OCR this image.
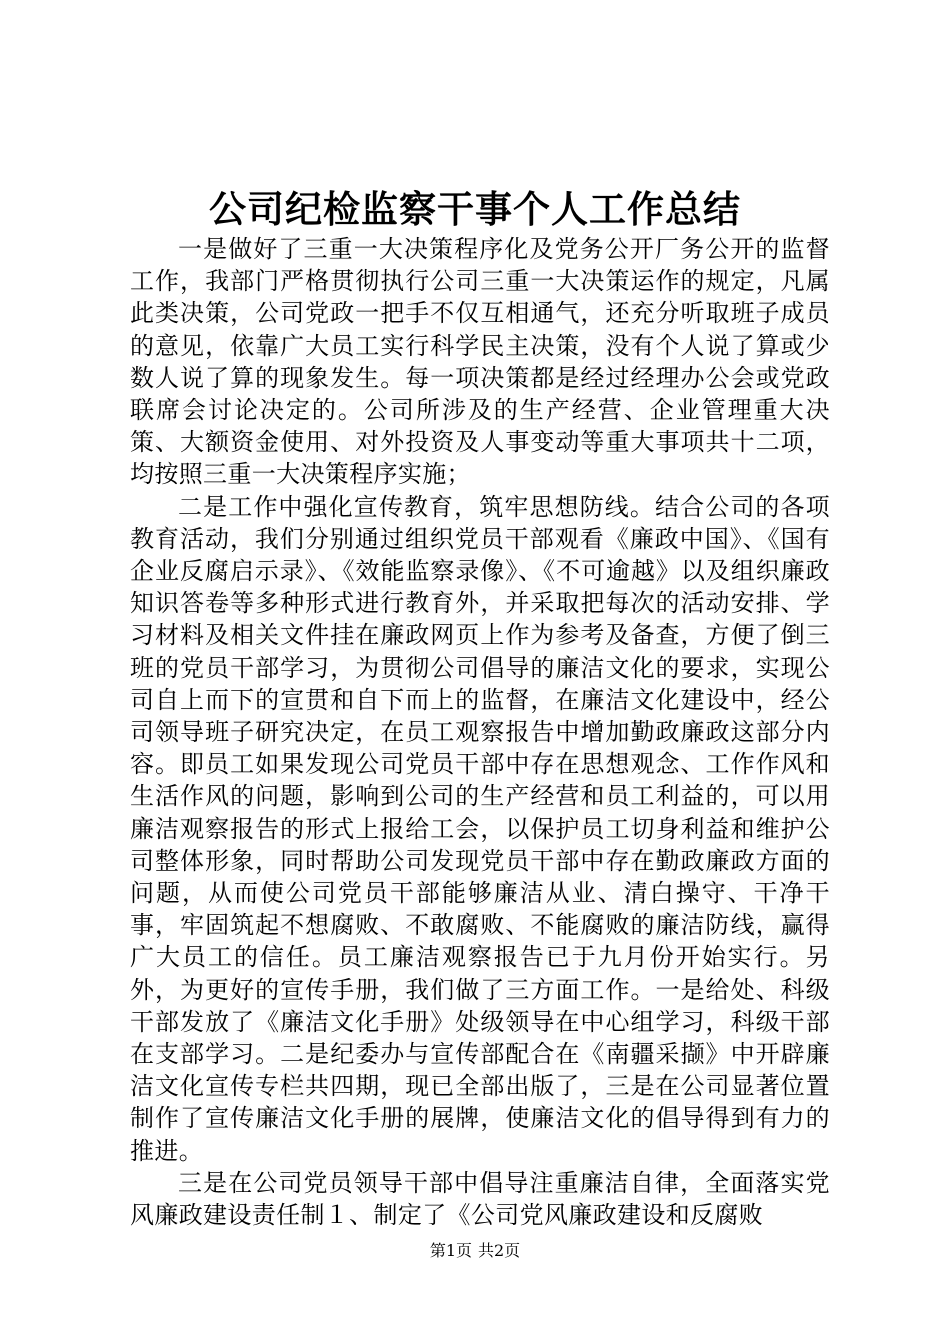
公司纪检监察干事个人工作总结

一是做好了三重一大决策程序化及党务公开厂务公开的监督工作，我部门严格贯彻执行公司三重一大决策运作的规定，凡属此类决策，公司党政一把手不仅互相通气，还充分听取班子成员的意见，依靠广大员工实行科学民主决策，没有个人说了算或少数人说了算的现象发生。每一项决策都是经过经理办公会或党政联席会讨论决定的。公司所涉及的生产经营、企业管理重大决策、大额资金使用、对外投资及人事变动等重大事项共十二项，均按照三重一大决策程序实施；

二是工作中强化宣传教育，筑牢思想防线。结合公司的各项教育活动，我们分别通过组织党员干部观看《廉政中国》、《国有企业反腐启示录》、《效能监察录像》、《不可逾越》以及组织廉政知识答卷等多种形式进行教育外，并采取把每次的活动安排、学习材料及相关文件挂在廉政网页上作为参考及备查，方便了倒三班的党员干部学习，为贯彻公司倡导的廉洁文化的要求，实现公司自上而下的宣贯和自下而上的监督，在廉洁文化建设中，经公司领导班子研究决定，在员工观察报告中增加勤政廉政这部分内容。即员工如果发现公司党员干部中存在思想观念、工作作风和生活作风的问题，影响到公司的生产经营和员工利益的，可以用廉洁观察报告的形式上报给工会，以保护员工切身利益和维护公司整体形象，同时帮助公司发现党员干部中存在勤政廉政方面的问题，从而使公司党员干部能够廉洁从业、清白操守、干净干事，牢固筑起不想腐败、不敢腐败、不能腐败的廉洁防线，赢得广大员工的信任。员工廉洁观察报告已于九月份开始实行。另外，为更好的宣传手册，我们做了三方面工作。一是给处、科级干部发放了《廉洁文化手册》处级领导在中心组学习，科级干部在支部学习。二是纪委办与宣传部配合在《南疆采撷》中开辟廉洁文化宣传专栏共四期，现已全部出版了，三是在公司显著位置制作了宣传廉洁文化手册的展牌，使廉洁文化的倡导得到有力的推进。

三是在公司党员领导干部中倡导注重廉洁自律，全面落实党风廉政建设责任制１、制定了《公司党风廉政建设和反腐败

第1页 共2页
